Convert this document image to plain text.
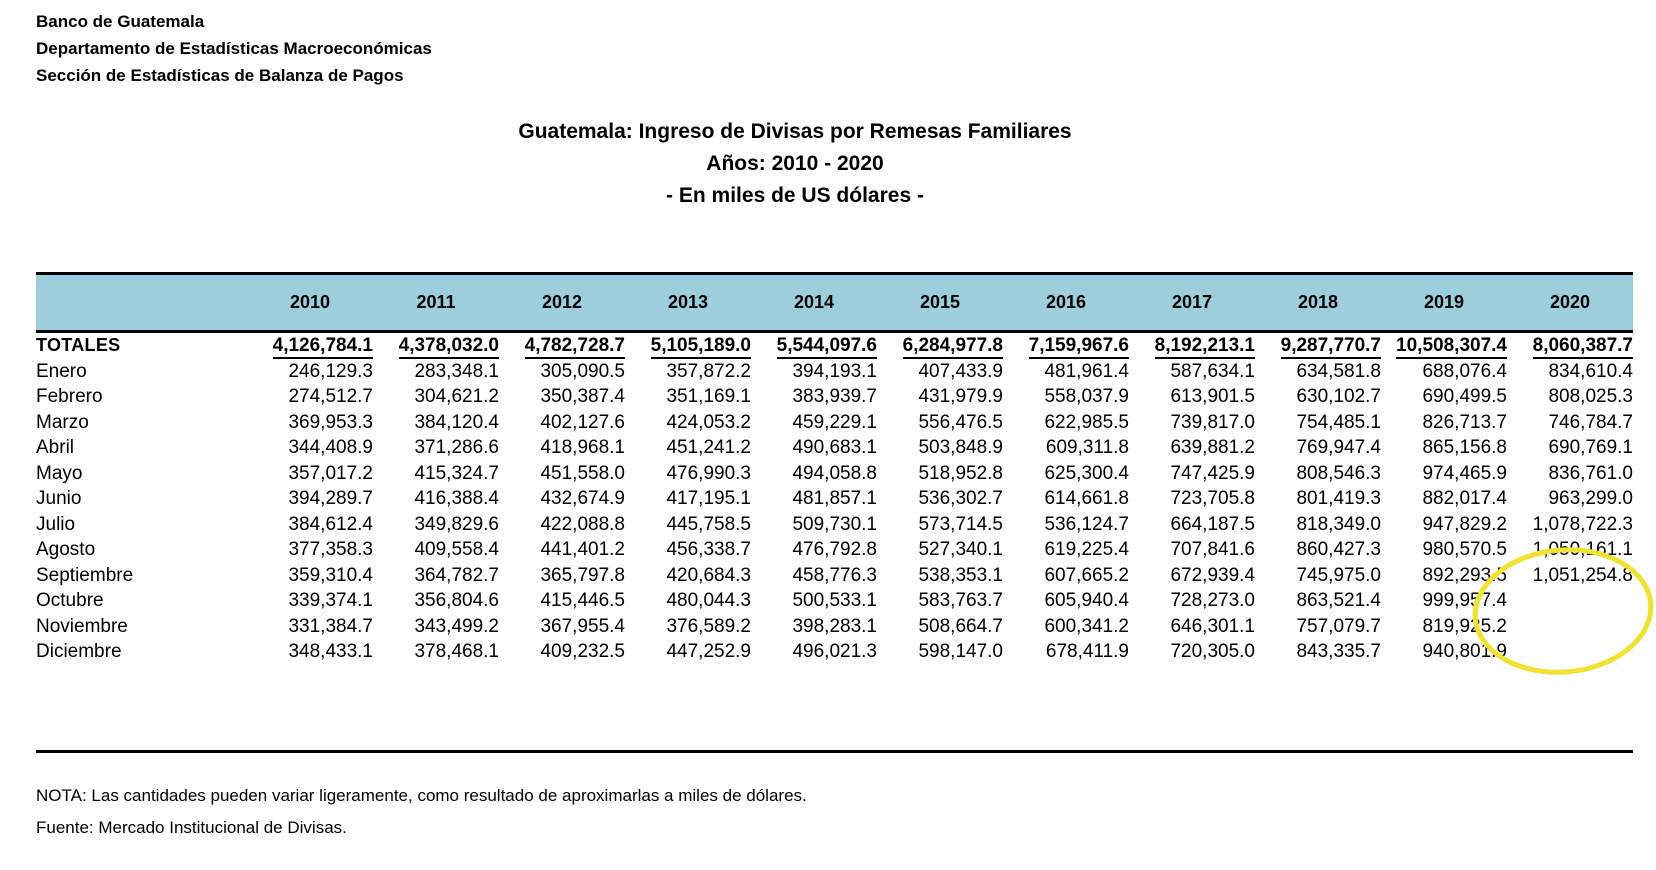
Banco de Guatemala
Departamento de Estadísticas Macroeconómicas
Sección de Estadísticas de Balanza de Pagos
Guatemala: Ingreso de Divisas por Remesas Familiares
Años: 2010 - 2020
- En miles de US dólares -
	2010	2011	2012	2013	2014	2015	2016	2017	2018	2019	2020
TOTALES	4,126,784.1	4,378,032.0	4,782,728.7	5,105,189.0	5,544,097.6	6,284,977.8	7,159,967.6	8,192,213.1	9,287,770.7	10,508,307.4	8,060,387.7
Enero	246,129.3	283,348.1	305,090.5	357,872.2	394,193.1	407,433.9	481,961.4	587,634.1	634,581.8	688,076.4	834,610.4
Febrero	274,512.7	304,621.2	350,387.4	351,169.1	383,939.7	431,979.9	558,037.9	613,901.5	630,102.7	690,499.5	808,025.3
Marzo	369,953.3	384,120.4	402,127.6	424,053.2	459,229.1	556,476.5	622,985.5	739,817.0	754,485.1	826,713.7	746,784.7
Abril	344,408.9	371,286.6	418,968.1	451,241.2	490,683.1	503,848.9	609,311.8	639,881.2	769,947.4	865,156.8	690,769.1
Mayo	357,017.2	415,324.7	451,558.0	476,990.3	494,058.8	518,952.8	625,300.4	747,425.9	808,546.3	974,465.9	836,761.0
Junio	394,289.7	416,388.4	432,674.9	417,195.1	481,857.1	536,302.7	614,661.8	723,705.8	801,419.3	882,017.4	963,299.0
Julio	384,612.4	349,829.6	422,088.8	445,758.5	509,730.1	573,714.5	536,124.7	664,187.5	818,349.0	947,829.2	1,078,722.3
Agosto	377,358.3	409,558.4	441,401.2	456,338.7	476,792.8	527,340.1	619,225.4	707,841.6	860,427.3	980,570.5	1,050,161.1
Septiembre	359,310.4	364,782.7	365,797.8	420,684.3	458,776.3	538,353.1	607,665.2	672,939.4	745,975.0	892,293.5	1,051,254.8
Octubre	339,374.1	356,804.6	415,446.5	480,044.3	500,533.1	583,763.7	605,940.4	728,273.0	863,521.4	999,957.4	
Noviembre	331,384.7	343,499.2	367,955.4	376,589.2	398,283.1	508,664.7	600,341.2	646,301.1	757,079.7	819,925.2	
Diciembre	348,433.1	378,468.1	409,232.5	447,252.9	496,021.3	598,147.0	678,411.9	720,305.0	843,335.7	940,801.9	
NOTA: Las cantidades pueden variar ligeramente, como resultado de aproximarlas a miles de dólares.
Fuente: Mercado Institucional de Divisas.
